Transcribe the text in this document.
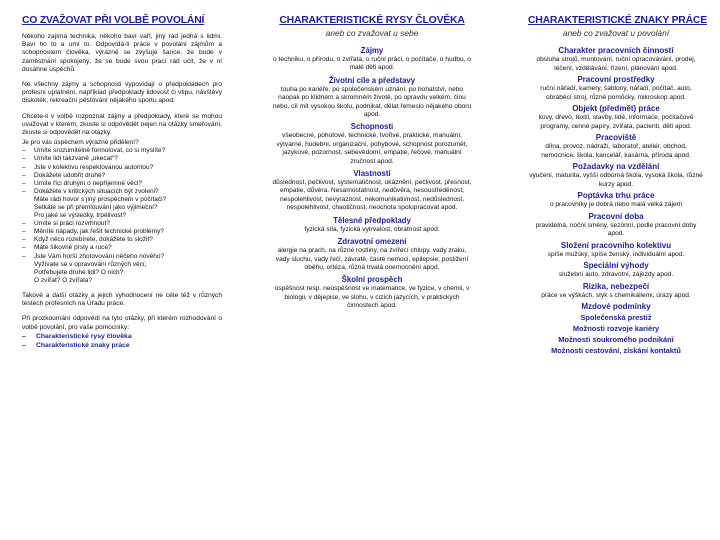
CO ZVAŽOVAT PŘI VOLBĚ POVOLÁNÍ

Někoho zajímá technika, někoho baví vaří, jiný rád jedná s lidmi. Baví ho to a umí to. Odpovídá-li práce v povolání zájmům a schopnostem člověka, výrazně se zvyšuje šance, že bude v zaměstnání spokojený, že se bude svou prací rád učit, že v ní dosáhne úspěchů.

Ne všechny zájmy a schopnosti vypovídají o předpokladech pro profesní uplatnění, například předpoklady lidovost či vtipu, návštěvy diskoték, rekreační pěstování nějakého sportu apod.

Chcete-li v volbě rozpoznat zájmy a předpoklady, které se mohou uvažovat v kterém, zkuste si odpovědět nejen na otázky smeřování, zkuste si odpovědět na otázky.

Je pro vás úspěchem výrazné přidělení?

– Umíte srozumitelně formulovat, co si myslíte?

– Umíte lidi takzvaně „ukecat“?

– Jste v kolektivu respektovanou autoritou?

– Dokážete udobřit druhé?

– Umíte říci druhým o nepříjemné věci?

– Dokážete v kritických situacích být zvoleni?

Máte rádi hovor s jiný prospěchem v počítači?

Setkáte se při přemlouvání jako výjimeční?

Pro jaké se výsledky, trpělivost?

– Umíte si práci rozvrhnout?

– Měníte nápady, jak řešit technické problémy?

– Když něco rozebírete, dokážete to složit?

– Máte šikovné prsty a ruce?

– Jste Vám horší zhotovování něčeho nového?

Vyžívate se v opravování různých věcí,

Potřebujete druhé lidi? O nich?

O zvířat? O zvířata?

Takové a další otázky a jejich vyhodnocení ne céte též v různých testech profesních na Úřadu práce.

Při prozkoumání odpovědí na tyto otázky, při kterém rozhodování o volbě povolání, pro vaše pomocníky:

– Charakteristické rysy člověka
– Charakteristické znaky práce
CHARAKTERISTICKÉ RYSY ČLOVĚKA
aneb co zvažovat u sebe
Zájmy

o techniku, o přírodu, o zvířata, o ruční práci, o počítače, o hudbu, o malé děti apod.

Životní cíle a představy

touha po kariéře, po společenském uznání, po bohatství, nebo naopak po klidném a skromném životě, po opravdu velkém, činu nebo, cíl mít vysokou školu, podnikat, dělat řemeslo nějakého oboru apod.

Schopnosti

všeobecné, pohotové, technické, tvořivé, praktické, manuální, výtvarné, hudební, organizační, pohybové, schopnost porozumět, jazykové, pozornost, sebevědomí, empatie, řečové, manuální zručnost apod.

Vlastnosti

důslednost, pečlivost, systematičnost, ukáznění, pečlivost, přesnost, empatie, důvěra. Nesamostatnost, nedůvěra, nesoustředěnost, nespolehlivost, nevýraznost, nekomunikativnost, nedůslednost, nespolehlivost, chaotičnost, neochota spolupracovat apod.

Tělesné předpoklady

fyzická síla, fyzická vytrvalost, obratnost apod.

Zdravotní omezení

alergie na prach, na různé rostliny, na zvířecí chlupy, vady zraku, vady sluchu, vady řeči, závratě, časté nemoci, epilepsie, postižení oběhu, ortéza, různá trvalá onemocnění apod.

Školní prospěch

úspěšnost resp. neúspěšnost ve matematice, ve fyzice, v chemii, v biologii, v dějepise, ve slohu, v cizích jazycích, v praktických činnostech apod.

CHARAKTERISTICKÉ ZNAKY PRÁCE
aneb co zvažovat u povolání
Charakter pracovních činností

obsluha strojů, montování, ruční opracovávání, prodej, léčení, vzdělávání, řízení, plánování apod.

Pracovní prostředky

ruční nářadí, kamery, šablony, nářadí, počítač, auto, obráběcí stroj, různé pomůcky, mikroskop apod.

Objekt (předmět) práce

kovy, dřevo, textil, stavby, lidé, informace, počítačové programy, cenné papíry, zvířata, pacienti, děti apod.

Pracoviště

dílna, provoz, nádraží, laboratoř, ateliér, obchod, nemocnice, škola, kancelář, kasárna, příroda apod.

Požadavky na vzdělání

vyučení, maturita, vyšší odborná škola, vysoká škola, různé kurzy apod.

Poptávka trhu práce

o pracovníky je dobrá nebo malá velká zájem

Pracovní doba

pravidelná, noční směny, sezónní, podle pracovní doby apod.

Složení pracovního kolektivu

spíše mužský, spíše ženský, individuální apod.

Speciální výhody

služební auto, zdravotní, zájezdy apod.

Rizika, nebezpečí

práce ve výškách, styk s chemikáliemi, úrazy apod.

Mzdové podmínky
Společenská prestiž
Možnosti rozvoje kariéry
Možnosti soukromého podnikání
Možnosti cestování, získání kontaktů
